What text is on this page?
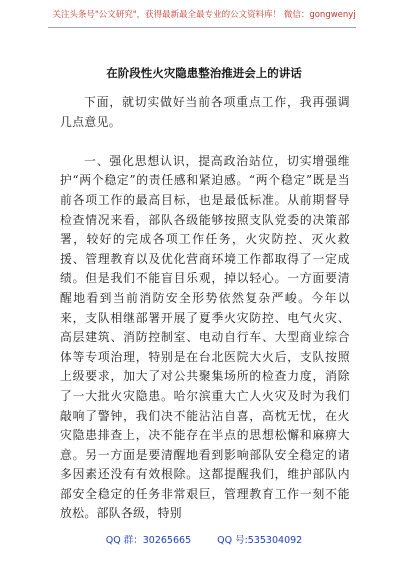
关注头条号"公文研究"，获得最新最全最专业的公文资料库！ 微信：gongwenyj
在阶段性火灾隐患整治推进会上的讲话

下面，就切实做好当前各项重点工作，我再强调几点意见。

一、强化思想认识，提高政治站位，切实增强维护“两个稳定”的责任感和紧迫感。“两个稳定”既是当前各项工作的最高目标，也是最低标准。从前期督导检查情况来看，部队各级能够按照支队党委的决策部署，较好的完成各项工作任务，火灾防控、灭火救援、管理教育以及优化营商环境工作都取得了一定成绩。但是我们不能盲目乐观，掉以轻心。一方面要清醒地看到当前消防安全形势依然复杂严峻。今年以来，支队相继部署开展了夏季火灾防控、电气火灾、高层建筑、消防控制室、电动自行车、大型商业综合体等专项治理，特别是在台北医院大火后，支队按照上级要求，加大了对公共聚集场所的检查力度，消除了一大批火灾隐患。哈尔滨重大亡人火灾及时为我们敲响了警钟，我们决不能沾沾自喜，高枕无忧，在火灾隐患排查上，决不能存在半点的思想松懈和麻痹大意。另一方面是要清醒地看到影响部队安全稳定的诸多因素还没有有效根除。这都提醒我们，维护部队内部安全稳定的任务非常艰巨，管理教育工作一刻不能放松。部队各级，特别

QQ 群：30265665	QQ 号:535304092
